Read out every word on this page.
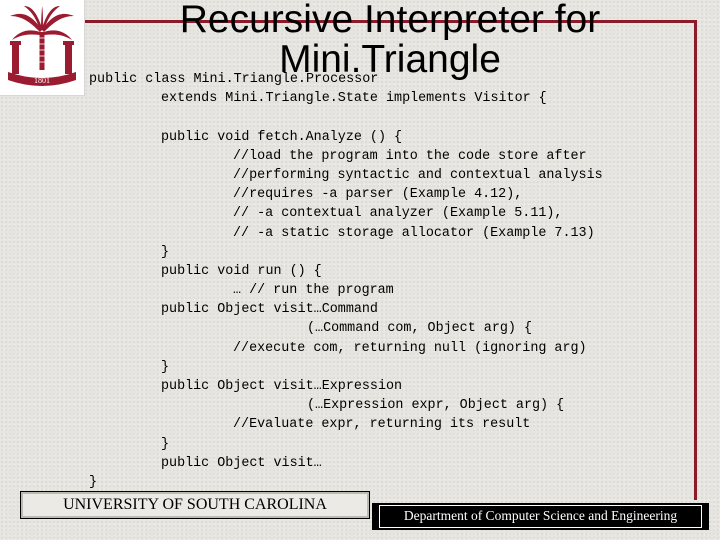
1801
Recursive Interpreter for
Mini.Triangle
public class Mini.Triangle.Processor
extends Mini.Triangle.State implements Visitor {
public void fetch.Analyze () {
//load the program into the code store after
//performing syntactic and contextual analysis
//requires -a parser (Example 4.12),
// -a contextual analyzer (Example 5.11),
// -a static storage allocator (Example 7.13)
}
public void run () {
… // run the program
public Object visit…Command
(…Command com, Object arg) {
//execute com, returning null (ignoring arg)
}
public Object visit…Expression
(…Expression expr, Object arg) {
//Evaluate expr, returning its result
}
public Object visit…
}
UNIVERSITY OF SOUTH CAROLINA
Department of Computer Science and Engineering
